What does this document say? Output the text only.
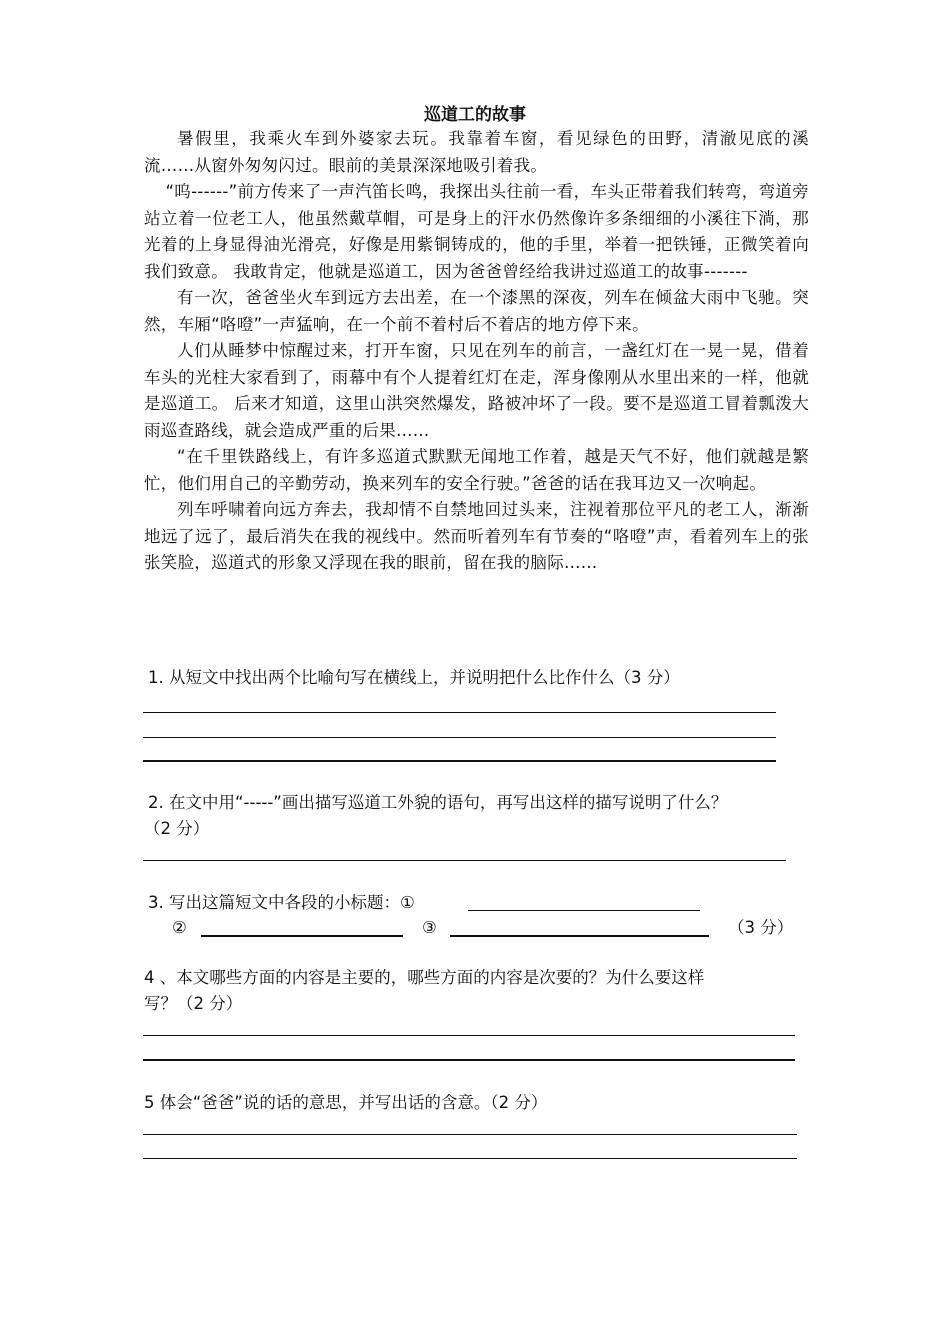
巡道工的故事

暑假里，我乘火车到外婆家去玩。我靠着车窗，看见绿色的田野，清澈见底的溪流……从窗外匆匆闪过。眼前的美景深深地吸引着我。

“呜------”前方传来了一声汽笛长鸣，我探出头往前一看，车头正带着我们转弯，弯道旁站立着一位老工人，他虽然戴草帽，可是身上的汗水仍然像许多条细细的小溪往下淌，那光着的上身显得油光滑亮，好像是用紫铜铸成的，他的手里，举着一把铁锤，正微笑着向我们致意。 我敢肯定，他就是巡道工，因为爸爸曾经给我讲过巡道工的故事-------

有一次，爸爸坐火车到远方去出差，在一个漆黑的深夜，列车在倾盆大雨中飞驰。突然，车厢“咯噔”一声猛响，在一个前不着村后不着店的地方停下来。

人们从睡梦中惊醒过来，打开车窗，只见在列车的前言，一盏红灯在一晃一晃，借着车头的光柱大家看到了，雨幕中有个人提着红灯在走，浑身像刚从水里出来的一样，他就是巡道工。 后来才知道，这里山洪突然爆发，路被冲坏了一段。要不是巡道工冒着瓢泼大雨巡查路线，就会造成严重的后果……

“在千里铁路线上，有许多巡道式默默无闻地工作着，越是天气不好，他们就越是繁忙，他们用自己的辛勤劳动，换来列车的安全行驶。”爸爸的话在我耳边又一次响起。

列车呼啸着向远方奔去，我却情不自禁地回过头来，注视着那位平凡的老工人，渐渐地远了远了，最后消失在我的视线中。然而听着列车有节奏的“咯噔”声，看着列车上的张张笑脸，巡道式的形象又浮现在我的眼前，留在我的脑际……

1. 从短文中找出两个比喻句写在横线上，并说明把什么比作什么（3 分）
2. 在文中用“-----”画出描写巡道工外貌的语句，再写出这样的描写说明了什么？
（2 分）
3. 写出这篇短文中各段的小标题：①
②	③	（3 分）
4 、本文哪些方面的内容是主要的，哪些方面的内容是次要的？为什么要这样
写？（2 分）
5 体会“爸爸”说的话的意思，并写出话的含意。（2 分）
